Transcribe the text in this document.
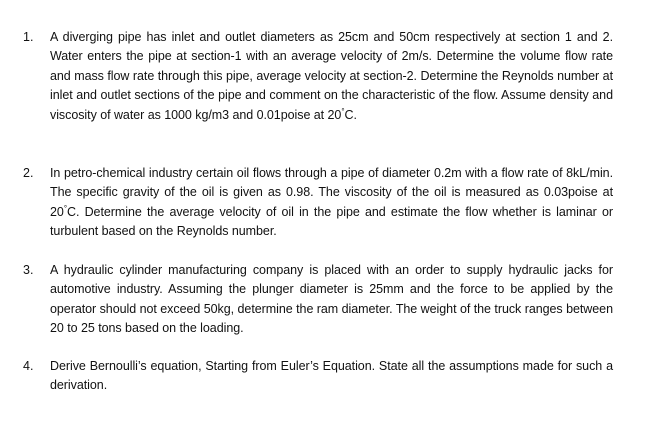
1.	A diverging pipe has inlet and outlet diameters as 25cm and 50cm respectively at section 1 and 2. Water enters the pipe at section-1 with an average velocity of 2m/s. Determine the volume flow rate and mass flow rate through this pipe, average velocity at section-2. Determine the Reynolds number at inlet and outlet sections of the pipe and comment on the characteristic of the flow. Assume density and viscosity of water as 1000 kg/m3 and 0.01poise at 20°C.
2.	In petro-chemical industry certain oil flows through a pipe of diameter 0.2m with a flow rate of 8kL/min. The specific gravity of the oil is given as 0.98. The viscosity of the oil is measured as 0.03poise at 20°C. Determine the average velocity of oil in the pipe and estimate the flow whether is laminar or turbulent based on the Reynolds number.
3.	A hydraulic cylinder manufacturing company is placed with an order to supply hydraulic jacks for automotive industry. Assuming the plunger diameter is 25mm and the force to be applied by the operator should not exceed 50kg, determine the ram diameter. The weight of the truck ranges between 20 to 25 tons based on the loading.
4.	Derive Bernoulli’s equation, Starting from Euler’s Equation. State all the assumptions made for such a derivation.
